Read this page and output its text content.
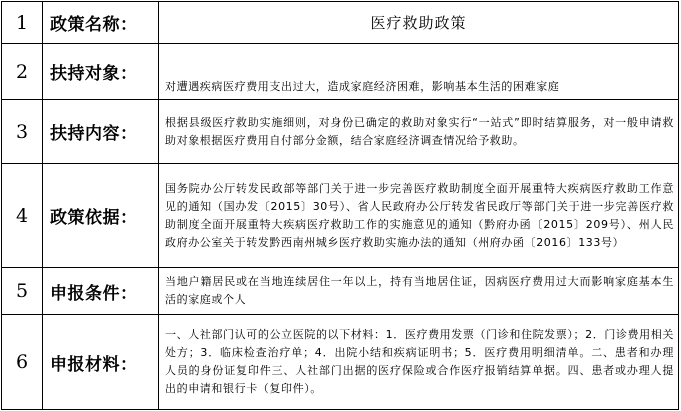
1	政策名称：	医疗救助政策
2	扶持对象：	对遭遇疾病医疗费用支出过大，造成家庭经济困难，影响基本生活的困难家庭
3	扶持内容：	根据县级医疗救助实施细则，对身份已确定的救助对象实行“一站式”即时结算服务，对一般申请救助对象根据医疗费用自付部分金额，结合家庭经济调查情况给予救助。
4	政策依据：	国务院办公厅转发民政部等部门关于进一步完善医疗救助制度全面开展重特大疾病医疗救助工作意见的通知（国办发〔2015〕30号）、省人民政府办公厅转发省民政厅等部门关于进一步完善医疗救助制度全面开展重特大疾病医疗救助工作的实施意见的通知（黔府办函〔2015〕209号）、州人民政府办公室关于转发黔西南州城乡医疗救助实施办法的通知（州府办函〔2016〕133号）
5	申报条件：	当地户籍居民或在当地连续居住一年以上，持有当地居住证，因病医疗费用过大而影响家庭基本生活的家庭或个人
6	申报材料：	一、人社部门认可的公立医院的以下材料：1．医疗费用发票（门诊和住院发票）；2．门诊费用相关处方；3．临床检查治疗单；4．出院小结和疾病证明书；5．医疗费用明细清单。二、患者和办理人员的身份证复印件三、人社部门出据的医疗保险或合作医疗报销结算单据。四、患者或办理人提出的申请和银行卡（复印件）。
